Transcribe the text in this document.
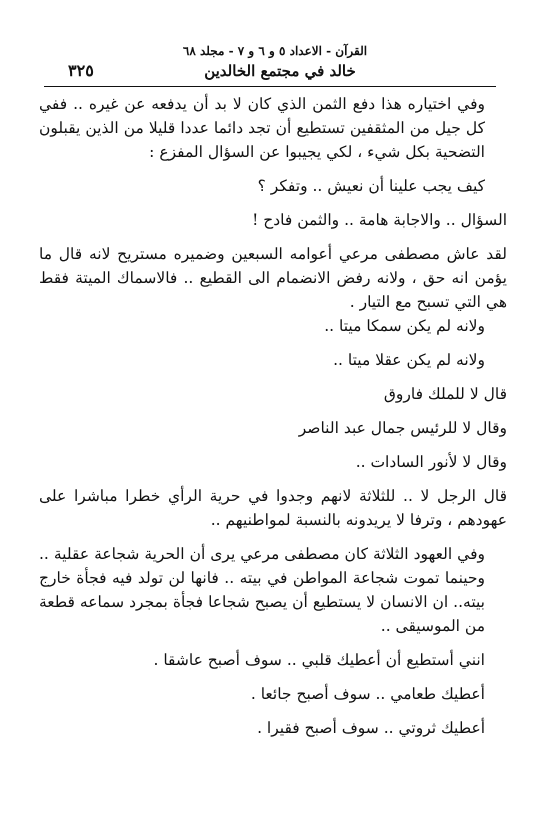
القرآن - الاعداد ٥ و ٦ و ٧ - مجلد ٦٨
خالد في مجتمع الخالدين
٣٢٥

وفي اختياره هذا دفع الثمن الذي كان لا بد أن يدفعه عن غيره .. ففي كل جيل من المثقفين تستطيع أن تجد دائما عددا قليلا من الذين يقبلون التضحية بكل شيء ، لكي يجيبوا عن السؤال المفزع :

كيف يجب علينا أن نعيش .. وتفكر ؟

السؤال .. والاجابة هامة .. والثمن فادح !

لقد عاش مصطفى مرعي أعوامه السبعين وضميره مستريح لانه قال ما يؤمن انه حق ، ولانه رفض الانضمام الى القطيع .. فالاسماك الميتة فقط هي التي تسبح مع التيار .

ولانه لم يكن سمكا ميتا ..

ولانه لم يكن عقلا ميتا ..

قال لا للملك فاروق

وقال لا للرئيس جمال عبد الناصر

وقال لا لأنور السادات ..

قال الرجل لا .. للثلاثة لانهم وجدوا في حرية الرأي خطرا مباشرا على عهودهم ، وترفا لا يريدونه بالنسبة لمواطنيهم ..

وفي العهود الثلاثة كان مصطفى مرعي يرى أن الحرية شجاعة عقلية .. وحينما تموت شجاعة المواطن في بيته .. فانها لن تولد فيه فجأة خارج بيته.. ان الانسان لا يستطيع أن يصبح شجاعا فجأة بمجرد سماعه قطعة من الموسيقى ..

انني أستطيع أن أعطيك قلبي .. سوف أصبح عاشقا .

أعطيك طعامي .. سوف أصبح جائعا .

أعطيك ثروتي .. سوف أصبح فقيرا .
